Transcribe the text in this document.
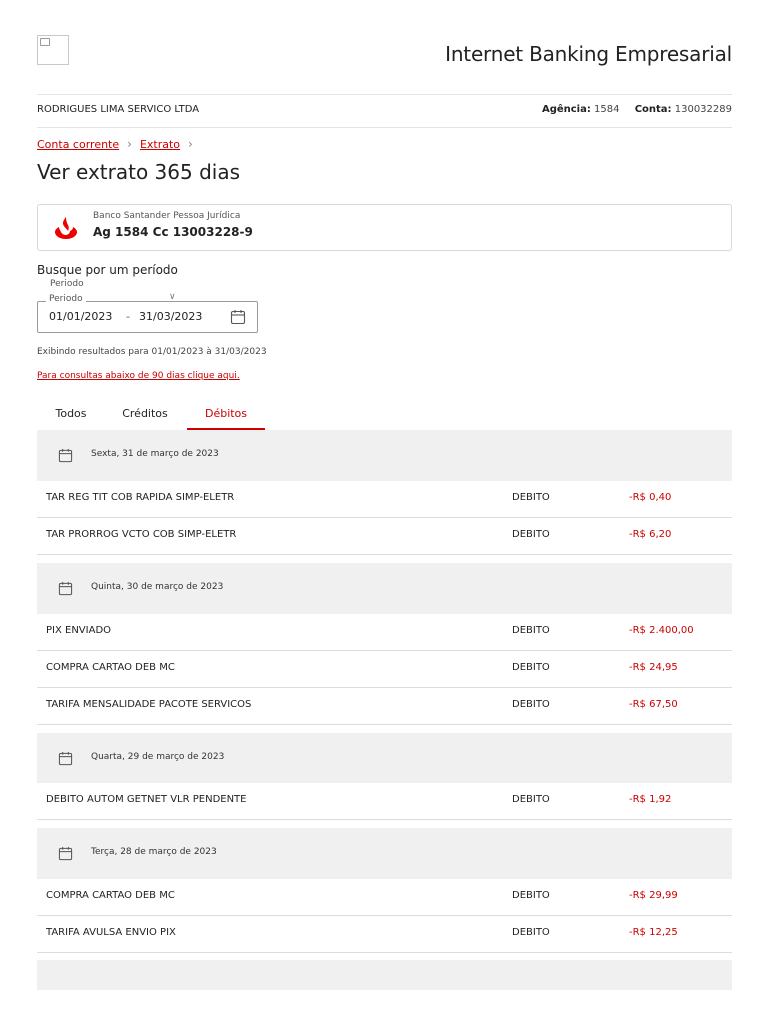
Internet Banking Empresarial
RODRIGUES LIMA SERVICO LTDA	Agência: 1584 Conta: 130032289
Conta corrente › Extrato ›
Ver extrato 365 dias
Banco Santander Pessoa Jurídica
Ag 1584 Cc 13003228-9
Busque por um período
Periodo
Periodo	∨
01/01/2023 - 31/03/2023
Exibindo resultados para 01/01/2023 à 31/03/2023
Para consultas abaixo de 90 dias clique aqui.
Todos	Créditos	Débitos
Sexta, 31 de março de 2023
TAR REG TIT COB RAPIDA SIMP-ELETR	DEBITO	-R$ 0,40
TAR PRORROG VCTO COB SIMP-ELETR	DEBITO	-R$ 6,20
Quinta, 30 de março de 2023
PIX ENVIADO	DEBITO	-R$ 2.400,00
COMPRA CARTAO DEB MC	DEBITO	-R$ 24,95
TARIFA MENSALIDADE PACOTE SERVICOS	DEBITO	-R$ 67,50
Quarta, 29 de março de 2023
DEBITO AUTOM GETNET VLR PENDENTE	DEBITO	-R$ 1,92
Terça, 28 de março de 2023
COMPRA CARTAO DEB MC	DEBITO	-R$ 29,99
TARIFA AVULSA ENVIO PIX	DEBITO	-R$ 12,25
